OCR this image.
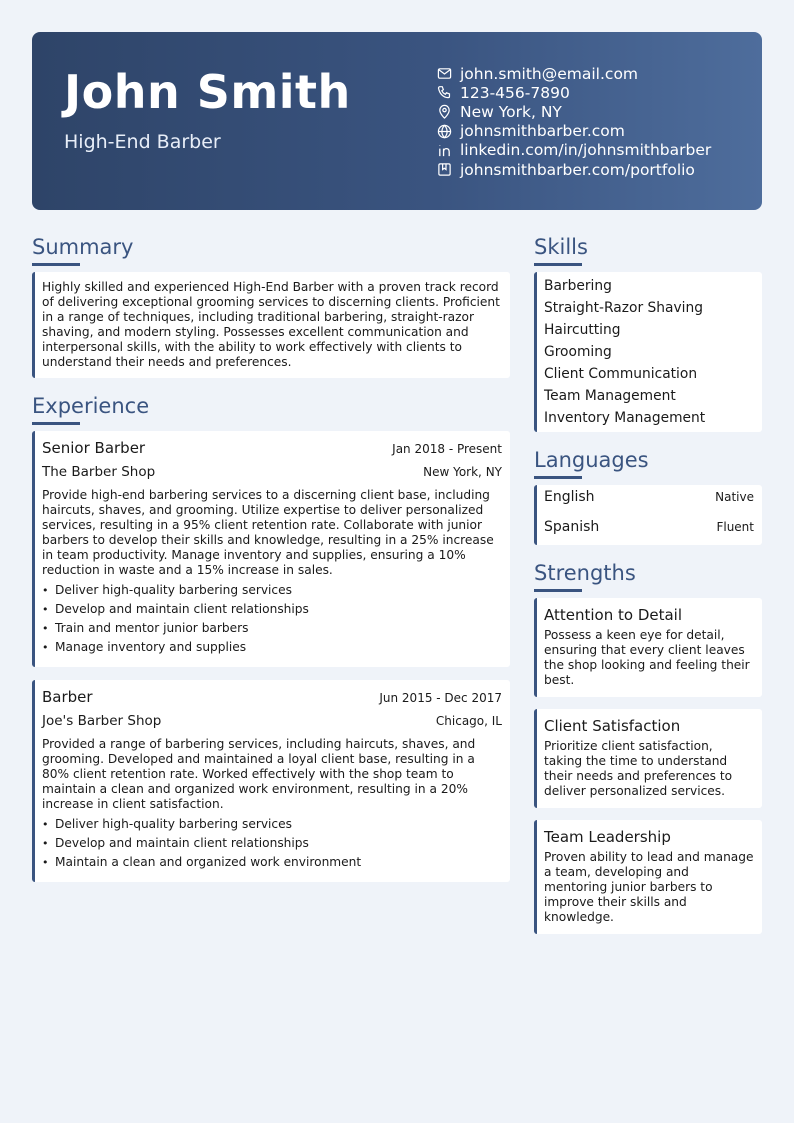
John Smith
High-End Barber
john.smith@email.com
123-456-7890
New York, NY
johnsmithbarber.com
linkedin.com/in/johnsmithbarber
johnsmithbarber.com/portfolio
Summary

Highly skilled and experienced High-End Barber with a proven track record of delivering exceptional grooming services to discerning clients. Proficient in a range of techniques, including traditional barbering, straight-razor shaving, and modern styling. Possesses excellent communication and interpersonal skills, with the ability to work effectively with clients to understand their needs and preferences.

Experience
Senior Barber	Jan 2018 - Present
The Barber Shop	New York, NY

Provide high-end barbering services to a discerning client base, including haircuts, shaves, and grooming. Utilize expertise to deliver personalized services, resulting in a 95% client retention rate. Collaborate with junior barbers to develop their skills and knowledge, resulting in a 25% increase in team productivity. Manage inventory and supplies, ensuring a 10% reduction in waste and a 15% increase in sales.

• Deliver high-quality barbering services
• Develop and maintain client relationships
• Train and mentor junior barbers
• Manage inventory and supplies
Barber	Jun 2015 - Dec 2017
Joe's Barber Shop	Chicago, IL

Provided a range of barbering services, including haircuts, shaves, and grooming. Developed and maintained a loyal client base, resulting in a 80% client retention rate. Worked effectively with the shop team to maintain a clean and organized work environment, resulting in a 20% increase in client satisfaction.

• Deliver high-quality barbering services
• Develop and maintain client relationships
• Maintain a clean and organized work environment
Skills
Barbering
Straight-Razor Shaving
Haircutting
Grooming
Client Communication
Team Management
Inventory Management
Languages
English	Native
Spanish	Fluent
Strengths
Attention to Detail

Possess a keen eye for detail, ensuring that every client leaves the shop looking and feeling their best.

Client Satisfaction

Prioritize client satisfaction, taking the time to understand their needs and preferences to deliver personalized services.

Team Leadership

Proven ability to lead and manage a team, developing and mentoring junior barbers to improve their skills and knowledge.
